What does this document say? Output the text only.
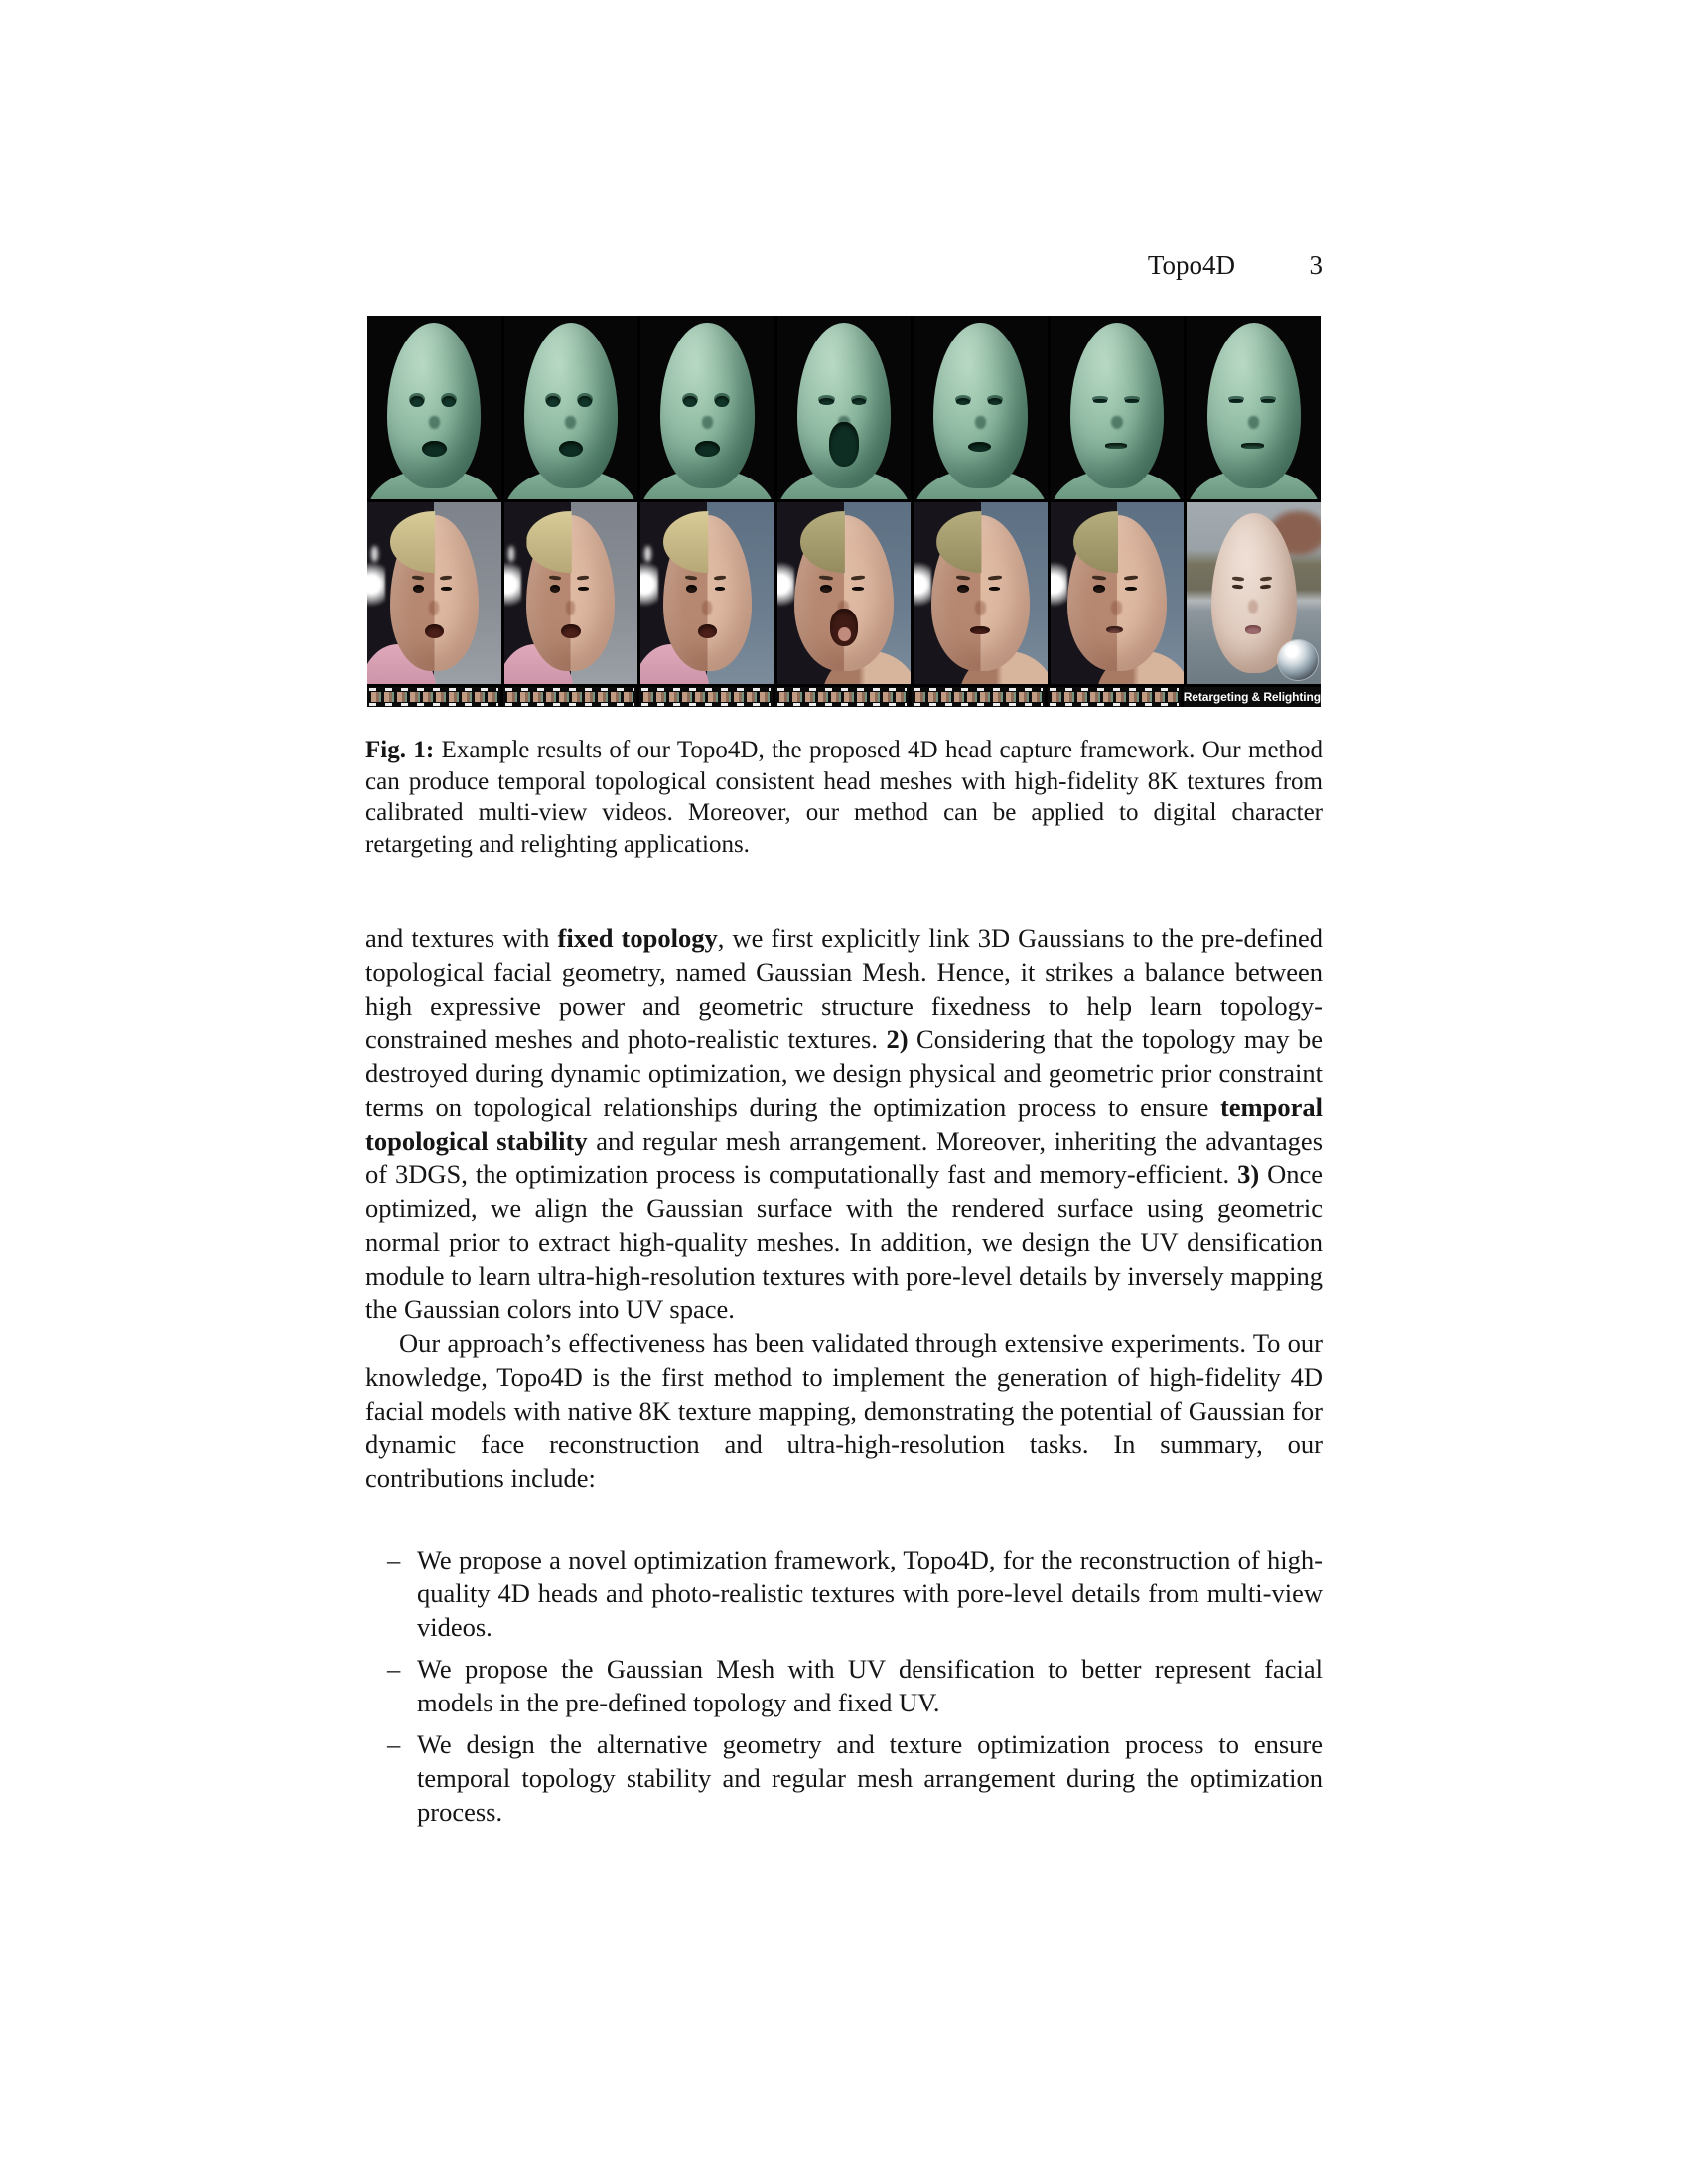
Topo4D	3
Retargeting & Relighting
Fig. 1: Example results of our Topo4D, the proposed 4D head capture framework. Our method can produce temporal topological consistent head meshes with high-fidelity 8K textures from calibrated multi-view videos. Moreover, our method can be applied to digital character retargeting and relighting applications.

and textures with fixed topology, we first explicitly link 3D Gaussians to the pre-defined topological facial geometry, named Gaussian Mesh. Hence, it strikes a balance between high expressive power and geometric structure fixedness to help learn topology-constrained meshes and photo-realistic textures. 2) Considering that the topology may be destroyed during dynamic optimization, we design physical and geometric prior constraint terms on topological relationships during the optimization process to ensure temporal topological stability and regular mesh arrangement. Moreover, inheriting the advantages of 3DGS, the optimization process is computationally fast and memory-efficient. 3) Once optimized, we align the Gaussian surface with the rendered surface using geometric normal prior to extract high-quality meshes. In addition, we design the UV densification module to learn ultra-high-resolution textures with pore-level details by inversely mapping the Gaussian colors into UV space.

Our approach’s effectiveness has been validated through extensive experiments. To our knowledge, Topo4D is the first method to implement the generation of high-fidelity 4D facial models with native 8K texture mapping, demonstrating the potential of Gaussian for dynamic face reconstruction and ultra-high-resolution tasks. In summary, our contributions include:

– We propose a novel optimization framework, Topo4D, for the reconstruction of high-quality 4D heads and photo-realistic textures with pore-level details from multi-view videos.
– We propose the Gaussian Mesh with UV densification to better represent facial models in the pre-defined topology and fixed UV.
– We design the alternative geometry and texture optimization process to ensure temporal topology stability and regular mesh arrangement during the optimization process.
